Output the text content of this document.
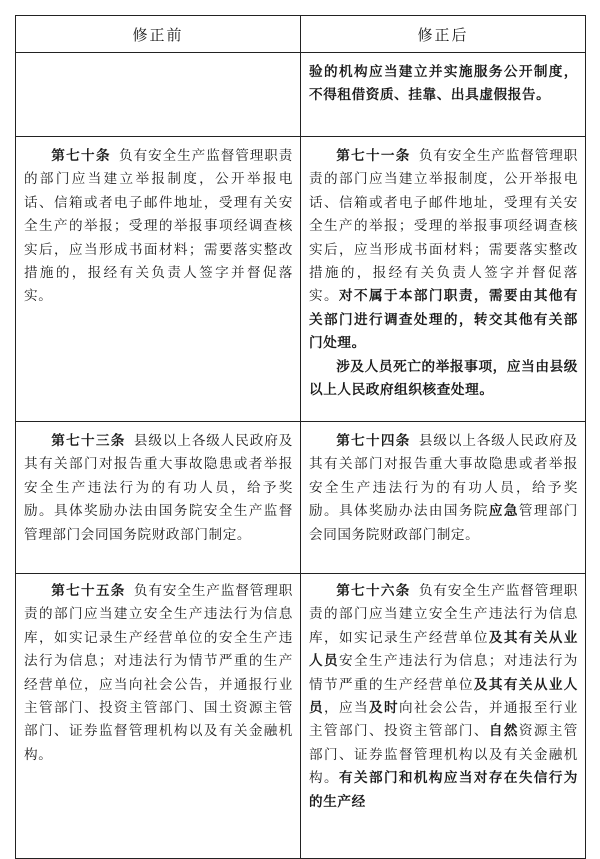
修正前	修正后

	验的机构应当建立并实施服务公开制度，不得租借资质、挂靠、出具虚假报告。

第七十条 负有安全生产监督管理职责的部门应当建立举报制度，公开举报电话、信箱或者电子邮件地址，受理有关安全生产的举报；受理的举报事项经调查核实后，应当形成书面材料；需要落实整改措施的，报经有关负责人签字并督促落实。	第七十一条 负有安全生产监督管理职责的部门应当建立举报制度，公开举报电话、信箱或者电子邮件地址，受理有关安全生产的举报；受理的举报事项经调查核实后，应当形成书面材料；需要落实整改措施的，报经有关负责人签字并督促落实。对不属于本部门职责，需要由其他有关部门进行调查处理的，转交其他有关部门处理。

涉及人员死亡的举报事项，应当由县级以上人民政府组织核查处理。

第七十三条 县级以上各级人民政府及其有关部门对报告重大事故隐患或者举报安全生产违法行为的有功人员，给予奖励。具体奖励办法由国务院安全生产监督管理部门会同国务院财政部门制定。	第七十四条 县级以上各级人民政府及其有关部门对报告重大事故隐患或者举报安全生产违法行为的有功人员，给予奖励。具体奖励办法由国务院应急管理部门会同国务院财政部门制定。

第七十五条 负有安全生产监督管理职责的部门应当建立安全生产违法行为信息库，如实记录生产经营单位的安全生产违法行为信息；对违法行为情节严重的生产经营单位，应当向社会公告，并通报行业主管部门、投资主管部门、国土资源主管部门、证券监督管理机构以及有关金融机构。	第七十六条 负有安全生产监督管理职责的部门应当建立安全生产违法行为信息库，如实记录生产经营单位及其有关从业人员安全生产违法行为信息；对违法行为情节严重的生产经营单位及其有关从业人员，应当及时向社会公告，并通报至行业主管部门、投资主管部门、自然资源主管部门、证券监督管理机构以及有关金融机构。有关部门和机构应当对存在失信行为的生产经
